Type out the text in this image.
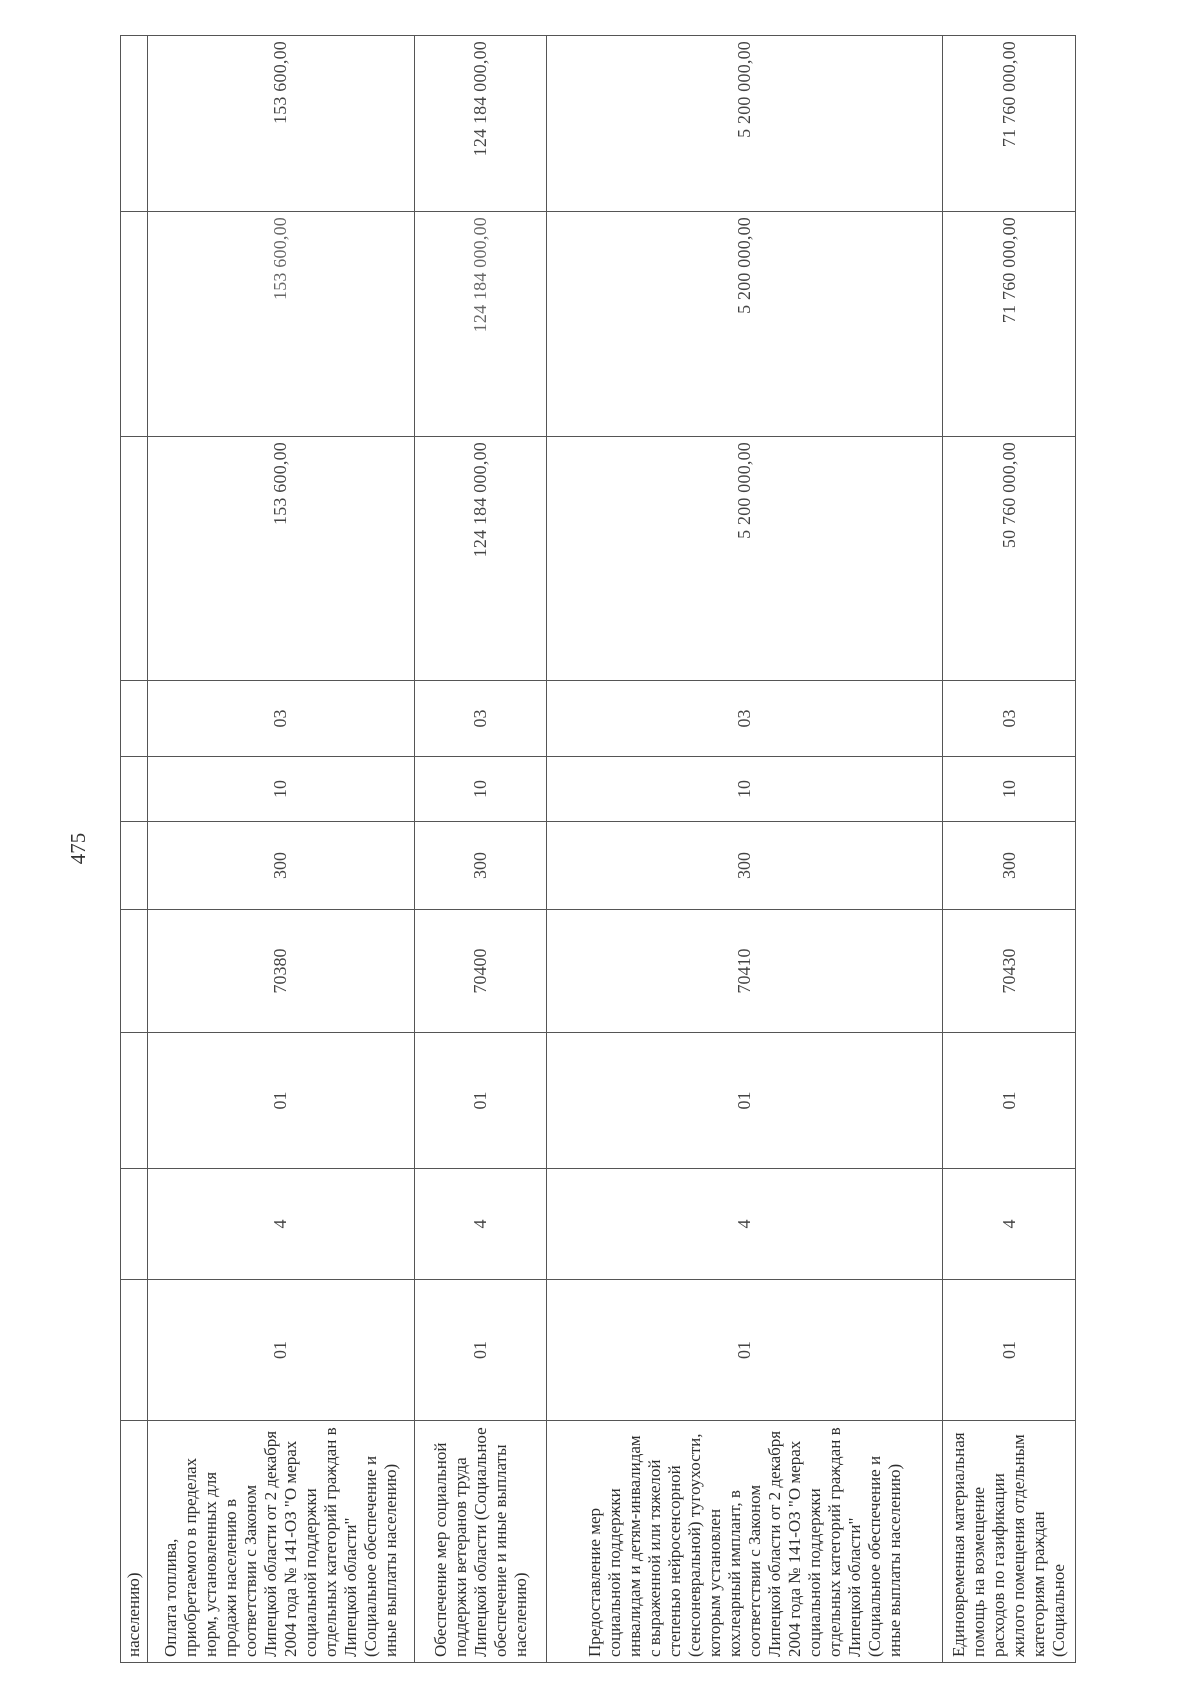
475
населению)										
Оплата топлива, приобретаемого в пределах норм, установленных для продажи населению в соответствии с Законом Липецкой области от 2 декабря 2004 года № 141-ОЗ "О мерах социальной поддержки отдельных категорий граждан в Липецкой области" (Социальное обеспечение и иные выплаты населению)	01	4	01	70380	300	10	03	153 600,00	153 600,00	153 600,00
Обеспечение мер социальной поддержки ветеранов труда Липецкой области (Социальное обеспечение и иные выплаты населению)	01	4	01	70400	300	10	03	124 184 000,00	124 184 000,00	124 184 000,00
Предоставление мер социальной поддержки инвалидам и детям-инвалидам с выраженной или тяжелой степенью нейросенсорной (сенсоневральной) тугоухости, которым установлен кохлеарный имплант, в соответствии с Законом Липецкой области от 2 декабря 2004 года № 141-ОЗ "О мерах социальной поддержки отдельных категорий граждан в Липецкой области" (Социальное обеспечение и иные выплаты населению)	01	4	01	70410	300	10	03	5 200 000,00	5 200 000,00	5 200 000,00
Единовременная материальная помощь на возмещение расходов по газификации жилого помещения отдельным категориям граждан (Социальное	01	4	01	70430	300	10	03	50 760 000,00	71 760 000,00	71 760 000,00
